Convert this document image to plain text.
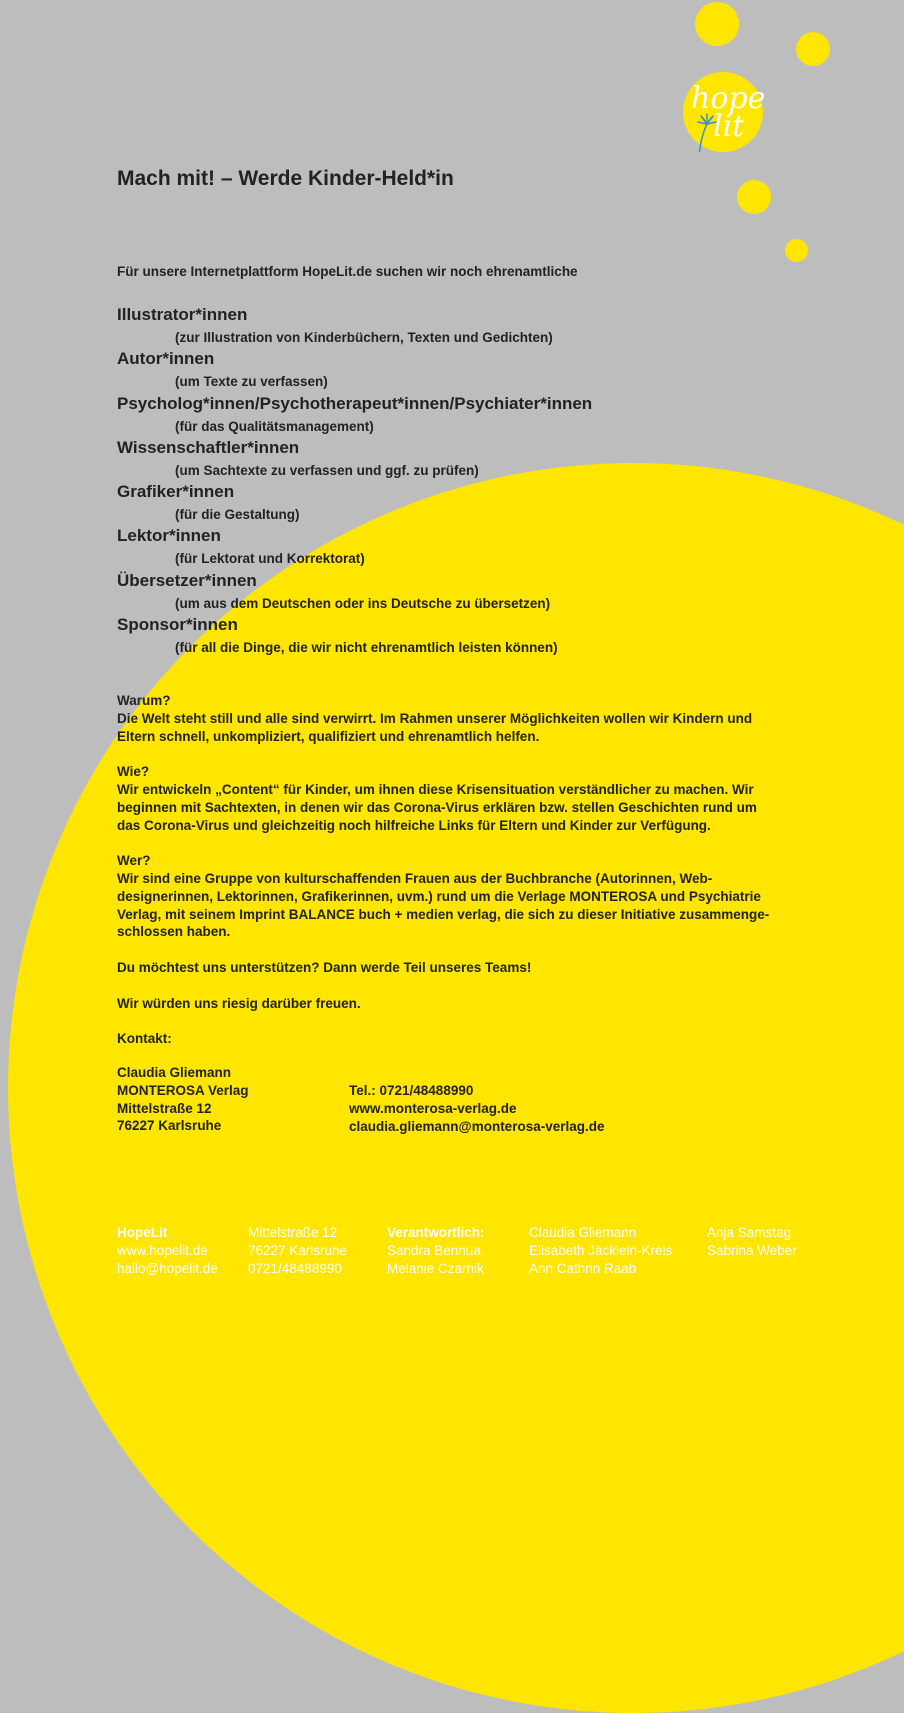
hope
lit
Mach mit! – Werde Kinder-Held*in
Für unsere Internetplattform HopeLit.de suchen wir noch ehrenamtliche
Illustrator*innen
(zur Illustration von Kinderbüchern, Texten und Gedichten)
Autor*innen
(um Texte zu verfassen)
Psycholog*innen/Psychotherapeut*innen/Psychiater*innen
(für das Qualitätsmanagement)
Wissenschaftler*innen
(um Sachtexte zu verfassen und ggf. zu prüfen)
Grafiker*innen
(für die Gestaltung)
Lektor*innen
(für Lektorat und Korrektorat)
Übersetzer*innen
(um aus dem Deutschen oder ins Deutsche zu übersetzen)
Sponsor*innen
(für all die Dinge, die wir nicht ehrenamtlich leisten können)

Warum?
Die Welt steht still und alle sind verwirrt. Im Rahmen unserer Möglichkeiten wollen wir Kindern und
Eltern schnell, unkompliziert, qualifiziert und ehrenamtlich helfen.

Wie?
Wir entwickeln „Content“ für Kinder, um ihnen diese Krisensituation verständlicher zu machen. Wir
beginnen mit Sachtexten, in denen wir das Corona-Virus erklären bzw. stellen Geschichten rund um
das Corona-Virus und gleichzeitig noch hilfreiche Links für Eltern und Kinder zur Verfügung.

Wer?
Wir sind eine Gruppe von kulturschaffenden Frauen aus der Buchbranche (Autorinnen, Web-
designerinnen, Lektorinnen, Grafikerinnen, uvm.) rund um die Verlage MONTEROSA und Psychiatrie
Verlag, mit seinem Imprint BALANCE buch + medien verlag, die sich zu dieser Initiative zusammenge-
schlossen haben.

Du möchtest uns unterstützen? Dann werde Teil unseres Teams!

Wir würden uns riesig darüber freuen.

Kontakt:

Claudia Gliemann
MONTEROSA Verlag
Mittelstraße 12
76227 Karlsruhe
Tel.: 0721/48488990
www.monterosa-verlag.de
claudia.gliemann@monterosa-verlag.de
HopeLit
www.hopelit.de
hallo@hopelit.de
Mittelstraße 12
76227 Karlsruhe
0721/48488990
Verantwortlich:
Sandra Bennua
Melanie Czarnik
Claudia Gliemann
Elisabeth Jäcklein-Kreis
Ann Cathrin Raab
Anja Samstag
Sabrina Weber
